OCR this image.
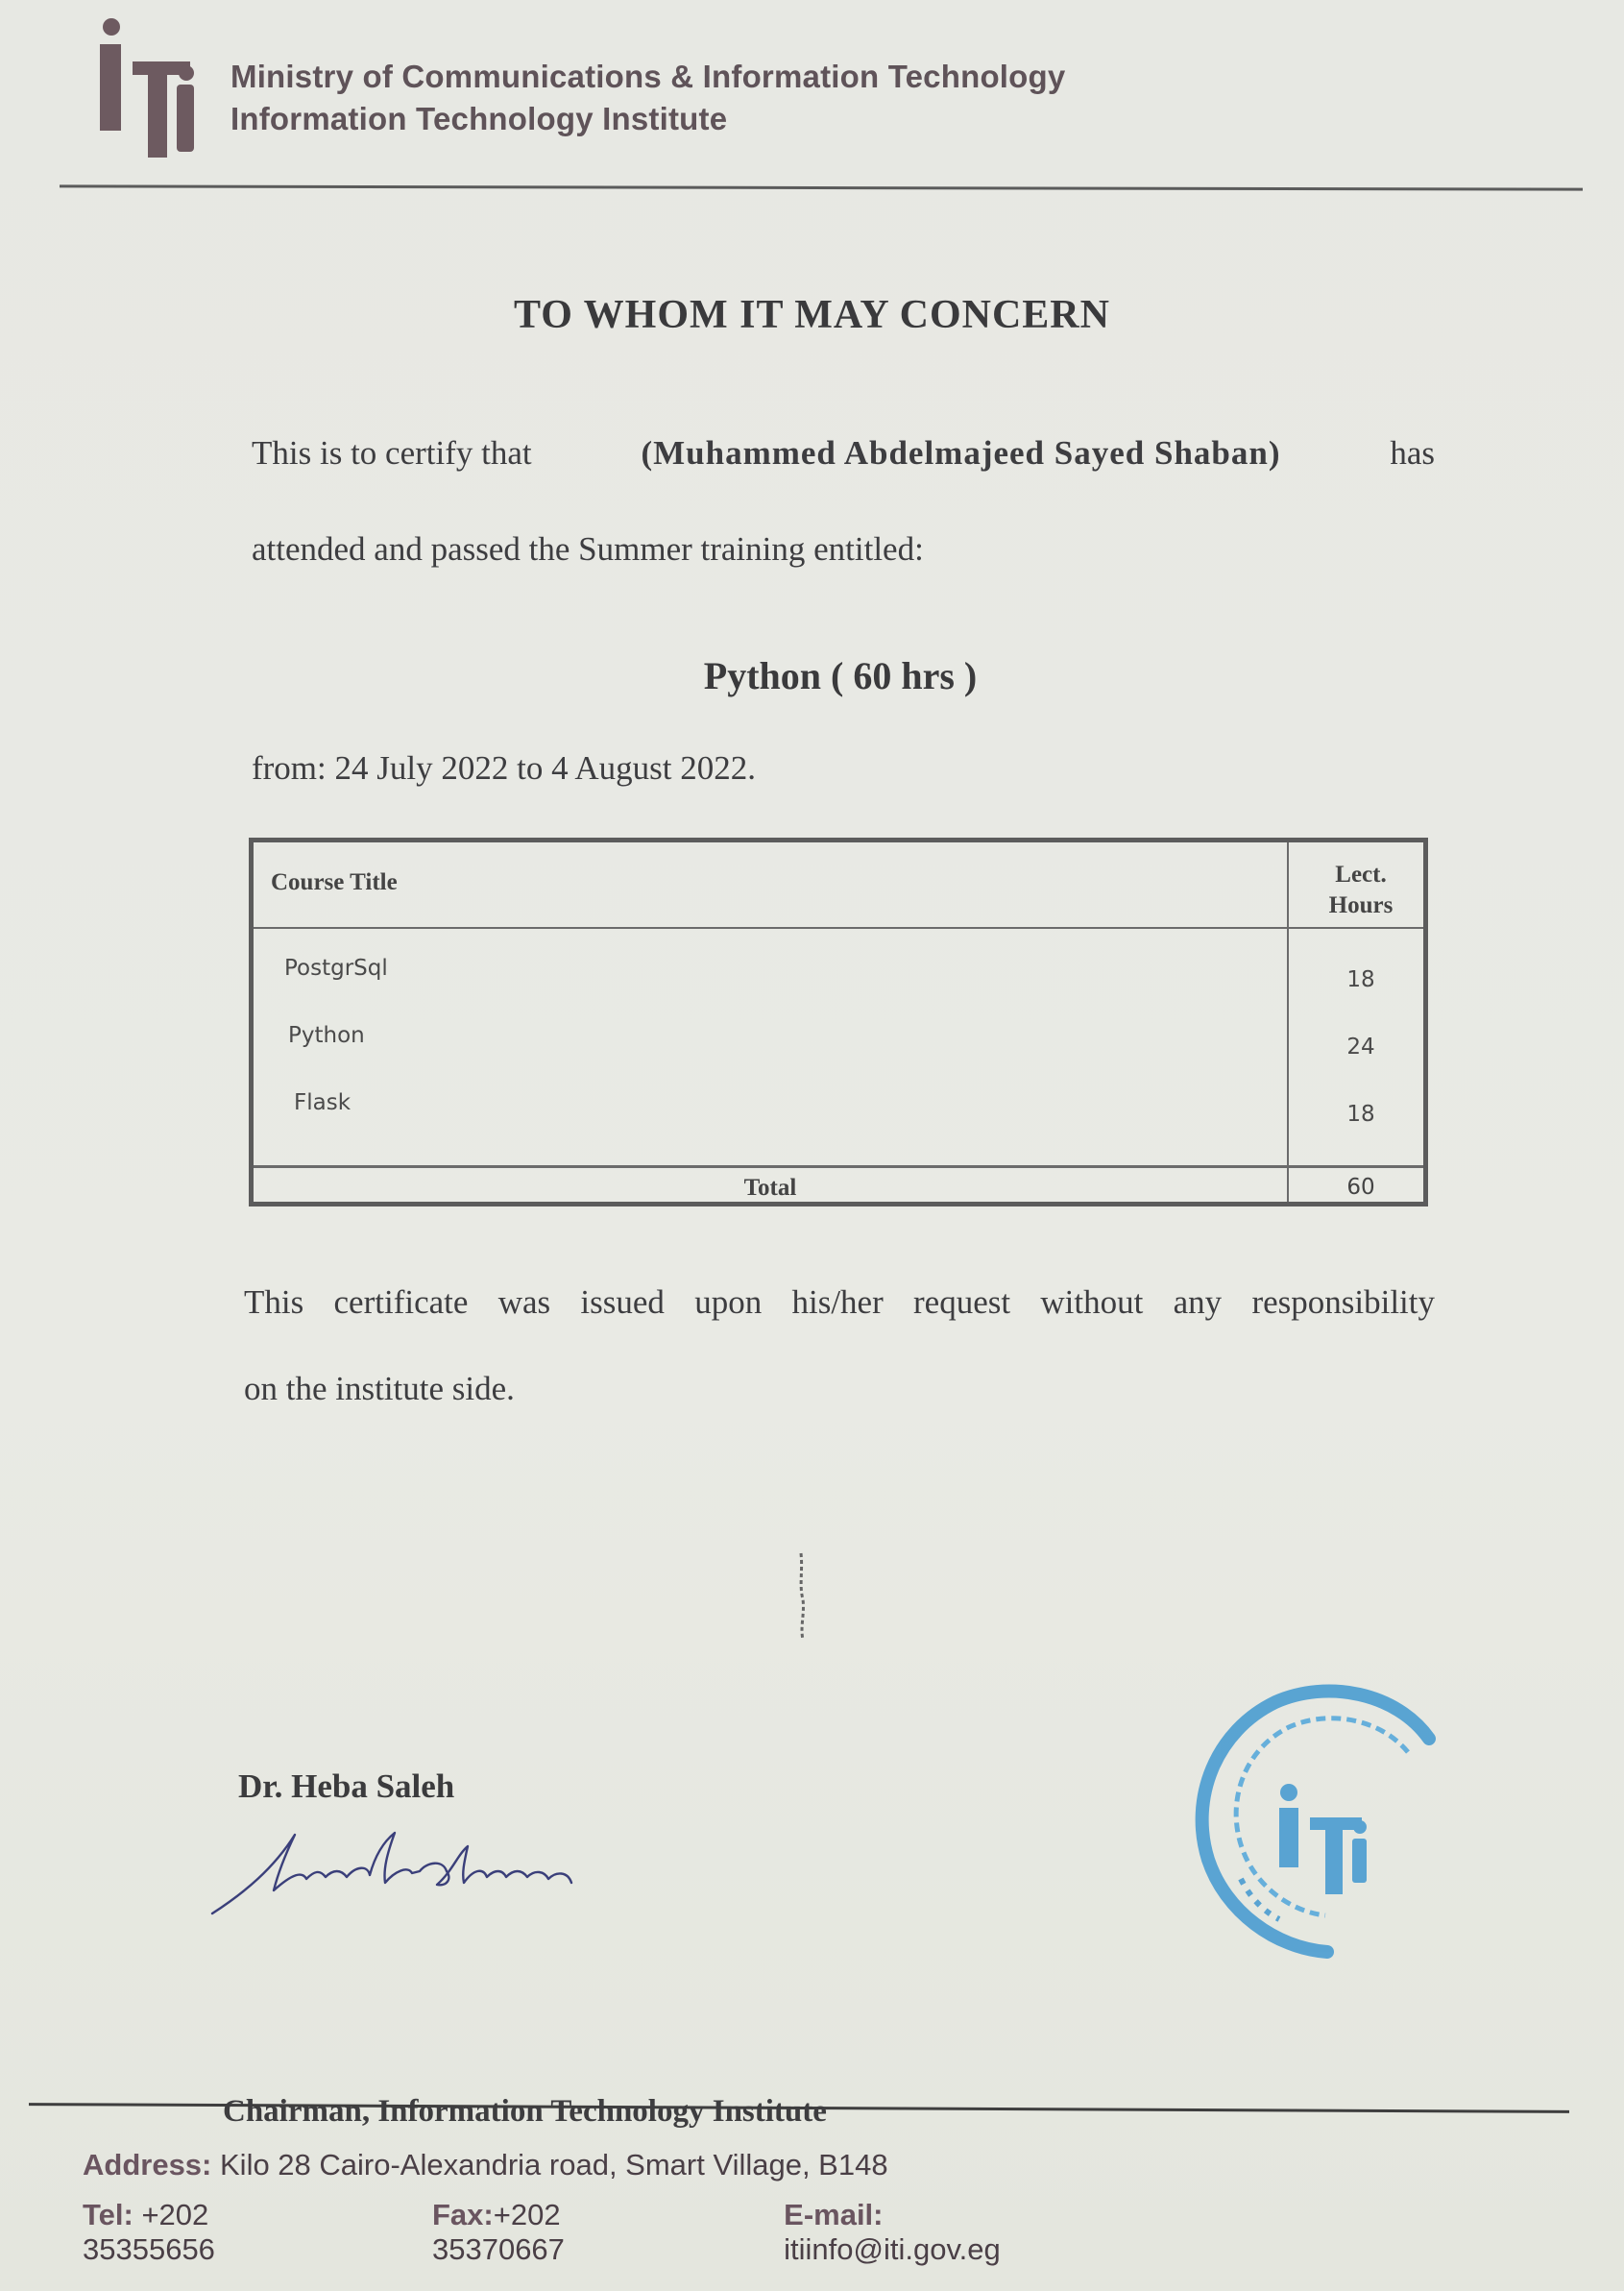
Ministry of Communications & Information Technology
Information Technology Institute
TO WHOM IT MAY CONCERN
This is to certify that	(Muhammed Abdelmajeed Sayed Shaban)	has
attended and passed the Summer training entitled:
Python ( 60 hrs )
from: 24 July 2022 to 4 August 2022.
Course Title	Lect.
Hours
PostgrSql	18
Python	24
Flask	18
Total	60
This certificate was issued upon his/her request without any responsibility
on the institute side.
Dr. Heba Saleh
Chairman, Information Technology Institute
Address: Kilo 28 Cairo-Alexandria road, Smart Village, B148
Tel: +202 35355656
Fax:+202 35370667
E-mail: itiinfo@iti.gov.eg
